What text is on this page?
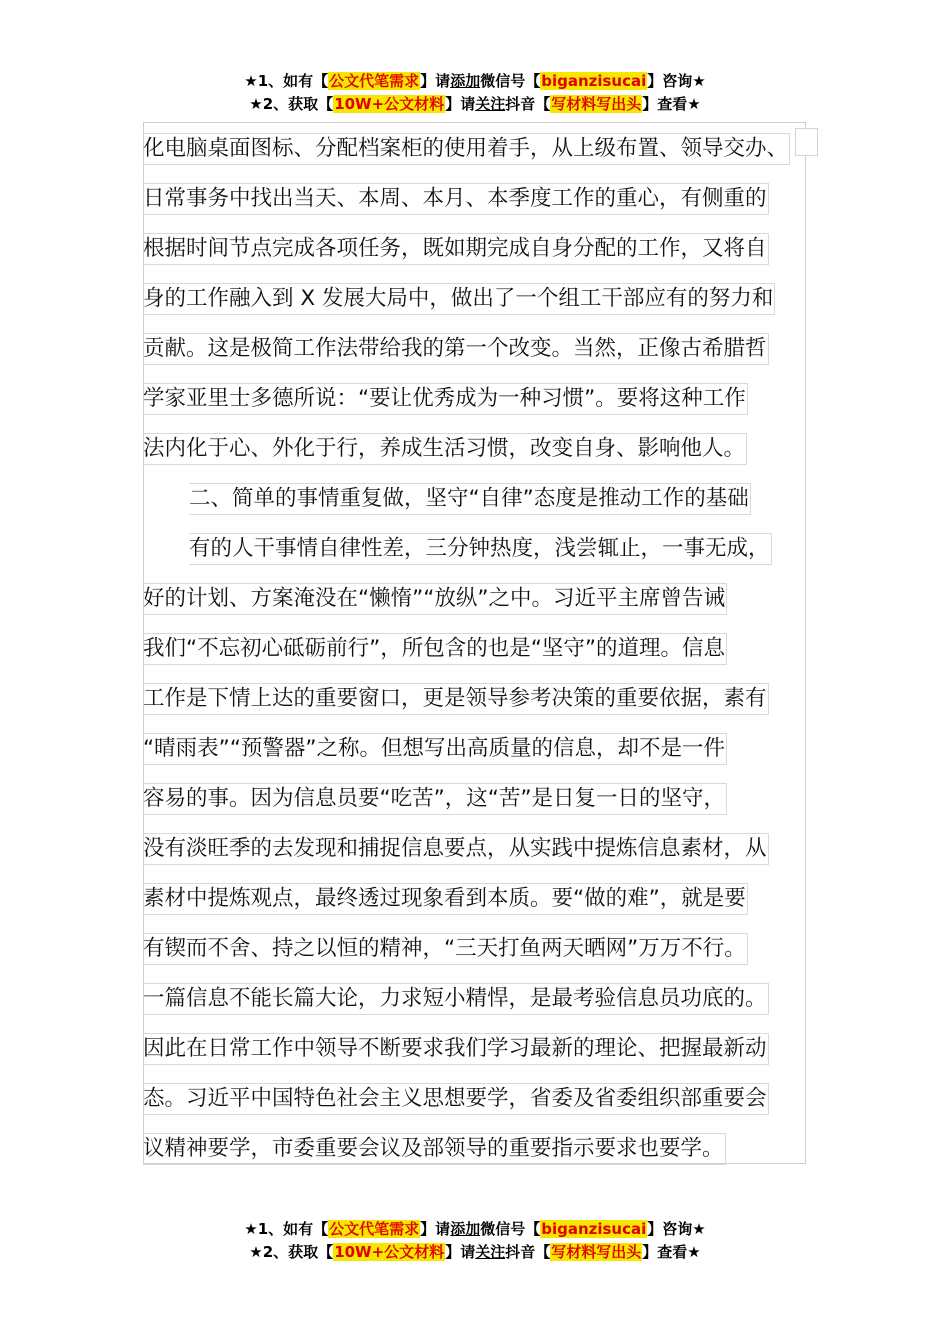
★1、如有【公文代笔需求】请添加微信号【biganzisucai】咨询★
★2、获取【10W+公文材料】请关注抖音【写材料写出头】查看★
化电脑桌面图标、分配档案柜的使用着手，从上级布置、领导交办、
日常事务中找出当天、本周、本月、本季度工作的重心，有侧重的
根据时间节点完成各项任务，既如期完成自身分配的工作，又将自
身的工作融入到 X 发展大局中，做出了一个组工干部应有的努力和
贡献。这是极简工作法带给我的第一个改变。当然，正像古希腊哲
学家亚里士多德所说：“要让优秀成为一种习惯”。要将这种工作
法内化于心、外化于行，养成生活习惯，改变自身、影响他人。
二、简单的事情重复做，坚守“自律”态度是推动工作的基础
有的人干事情自律性差，三分钟热度，浅尝辄止，一事无成，
好的计划、方案淹没在“懒惰”“放纵”之中。习近平主席曾告诫
我们“不忘初心砥砺前行”，所包含的也是“坚守”的道理。信息
工作是下情上达的重要窗口，更是领导参考决策的重要依据，素有
“晴雨表”“预警器”之称。但想写出高质量的信息，却不是一件
容易的事。因为信息员要“吃苦”，这“苦”是日复一日的坚守，
没有淡旺季的去发现和捕捉信息要点，从实践中提炼信息素材，从
素材中提炼观点，最终透过现象看到本质。要“做的难”，就是要
有锲而不舍、持之以恒的精神，“三天打鱼两天晒网”万万不行。
一篇信息不能长篇大论，力求短小精悍，是最考验信息员功底的。
因此在日常工作中领导不断要求我们学习最新的理论、把握最新动
态。习近平中国特色社会主义思想要学，省委及省委组织部重要会
议精神要学，市委重要会议及部领导的重要指示要求也要学。
★1、如有【公文代笔需求】请添加微信号【biganzisucai】咨询★
★2、获取【10W+公文材料】请关注抖音【写材料写出头】查看★
